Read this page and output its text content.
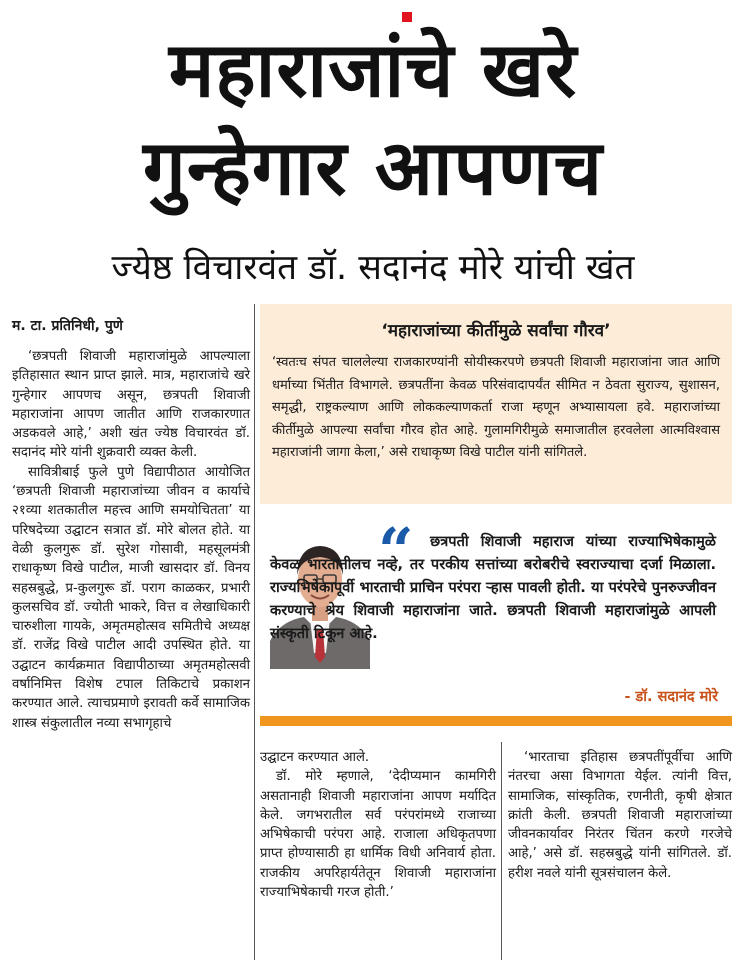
महाराजांचे खरे
गुन्हेगार आपणच
ज्येष्ठ विचारवंत डॉ. सदानंद मोरे यांची खंत
म. टा. प्रतिनिधी, पुणे

‘छत्रपती शिवाजी महाराजांमुळे आपल्याला इतिहासात स्थान प्राप्त झाले. मात्र, महाराजांचे खरे गुन्हेगार आपणच असून, छत्रपती शिवाजी महाराजांना आपण जातीत आणि राजकारणात अडकवले आहे,’ अशी खंत ज्येष्ठ विचारवंत डॉ. सदानंद मोरे यांनी शुक्रवारी व्यक्त केली.

सावित्रीबाई फुले पुणे विद्यापीठात आयोजित ‘छत्रपती शिवाजी महाराजांच्या जीवन व कार्याचे २१व्या शतकातील महत्त्व आणि समयोचितता’ या परिषदेच्या उद्घाटन सत्रात डॉ. मोरे बोलत होते. या वेळी कुलगुरू डॉ. सुरेश गोसावी, महसूलमंत्री राधाकृष्ण विखे पाटील, माजी खासदार डॉ. विनय सहस्रबुद्धे, प्र-कुलगुरू डॉ. पराग काळकर, प्रभारी कुलसचिव डॉ. ज्योती भाकरे, वित्त व लेखाधिकारी चारुशीला गायके, अमृतमहोत्सव समितीचे अध्यक्ष डॉ. राजेंद्र विखे पाटील आदी उपस्थित होते. या उद्घाटन कार्यक्रमात विद्यापीठाच्या अमृतमहोत्सवी वर्षानिमित्त विशेष टपाल तिकिटाचे प्रकाशन करण्यात आले. त्याचप्रमाणे इरावती कर्वे सामाजिक शास्त्र संकुलातील नव्या सभागृहाचे

‘महाराजांच्या कीर्तीमुळे सर्वांचा गौरव’
‘स्वतःच संपत चाललेल्या राजकारण्यांनी सोयीस्करपणे छत्रपती शिवाजी महाराजांना जात आणि धर्माच्या भिंतीत विभागले. छत्रपतींना केवळ परिसंवादापर्यंत सीमित न ठेवता सुराज्य, सुशासन, समृद्धी, राष्ट्रकल्याण आणि लोककल्याणकर्ता राजा म्हणून अभ्यासायला हवे. महाराजांच्या कीर्तीमुळे आपल्या सर्वांचा गौरव होत आहे. गुलामगिरीमुळे समाजातील हरवलेला आत्मविश्वास महाराजांनी जागा केला,’ असे राधाकृष्ण विखे पाटील यांनी सांगितले.
“	छत्रपती शिवाजी महाराज यांच्या राज्याभिषेकामुळे केवळ भारतातीलच नव्हे, तर परकीय सत्तांच्या बरोबरीचे स्वराज्याचा दर्जा मिळाला. राज्यभिषेकापूर्वी भारताची प्राचिन परंपरा ऱ्हास पावली होती. या परंपरेचे पुनरुज्जीवन करण्याचे श्रेय शिवाजी महाराजांना जाते. छत्रपती शिवाजी महाराजांमुळे आपली संस्कृती टिकून आहे.
- डॉ. सदानंद मोरे

उद्घाटन करण्यात आले.

डॉ. मोरे म्हणाले, ‘देदीप्यमान कामगिरी असतानाही शिवाजी महाराजांना आपण मर्यादित केले. जगभरातील सर्व परंपरांमध्ये राजाच्या अभिषेकाची परंपरा आहे. राजाला अधिकृतपणा प्राप्त होण्यासाठी हा धार्मिक विधी अनिवार्य होता. राजकीय अपरिहार्यतेतून शिवाजी महाराजांना राज्याभिषेकाची गरज होती.’

‘भारताचा इतिहास छत्रपतींपूर्वीचा आणि नंतरचा असा विभागता येईल. त्यांनी वित्त, सामाजिक, सांस्कृतिक, रणनीती, कृषी क्षेत्रात क्रांती केली. छत्रपती शिवाजी महाराजांच्या जीवनकार्यावर निरंतर चिंतन करणे गरजेचे आहे,’ असे डॉ. सहस्रबुद्धे यांनी सांगितले. डॉ. हरीश नवले यांनी सूत्रसंचालन केले.
